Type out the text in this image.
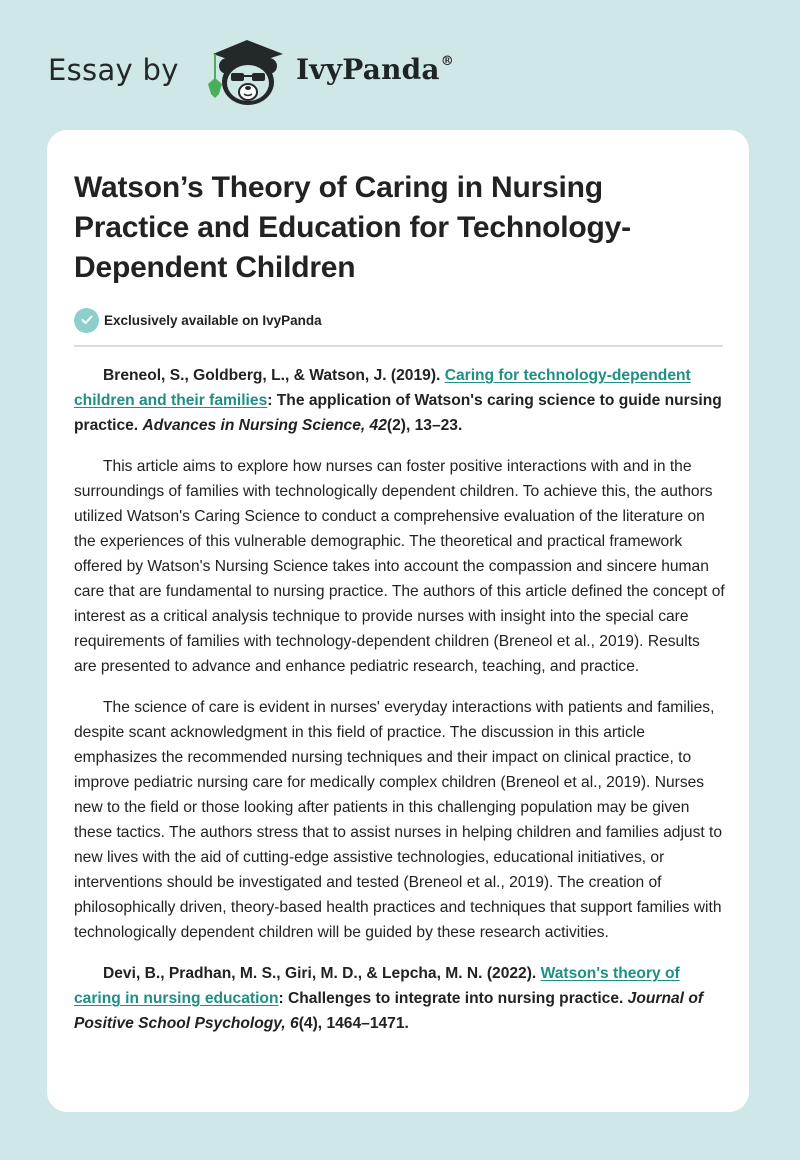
Essay by	IvyPanda®
Watson’s Theory of Caring in Nursing Practice and Education for Technology-Dependent Children
Exclusively available on IvyPanda

Breneol, S., Goldberg, L., & Watson, J. (2019). Caring for technology-dependent children and their families: The application of Watson's caring science to guide nursing practice. Advances in Nursing Science, 42(2), 13–23.

This article aims to explore how nurses can foster positive interactions with and in the surroundings of families with technologically dependent children. To achieve this, the authors utilized Watson's Caring Science to conduct a comprehensive evaluation of the literature on the experiences of this vulnerable demographic. The theoretical and practical framework offered by Watson's Nursing Science takes into account the compassion and sincere human care that are fundamental to nursing practice. The authors of this article defined the concept of interest as a critical analysis technique to provide nurses with insight into the special care requirements of families with technology-dependent children (Breneol et al., 2019). Results are presented to advance and enhance pediatric research, teaching, and practice.

The science of care is evident in nurses' everyday interactions with patients and families, despite scant acknowledgment in this field of practice. The discussion in this article emphasizes the recommended nursing techniques and their impact on clinical practice, to improve pediatric nursing care for medically complex children (Breneol et al., 2019). Nurses new to the field or those looking after patients in this challenging population may be given these tactics. The authors stress that to assist nurses in helping children and families adjust to new lives with the aid of cutting-edge assistive technologies, educational initiatives, or interventions should be investigated and tested (Breneol et al., 2019). The creation of philosophically driven, theory-based health practices and techniques that support families with technologically dependent children will be guided by these research activities.

Devi, B., Pradhan, M. S., Giri, M. D., & Lepcha, M. N. (2022). Watson's theory of caring in nursing education: Challenges to integrate into nursing practice. Journal of Positive School Psychology, 6(4), 1464–1471.
